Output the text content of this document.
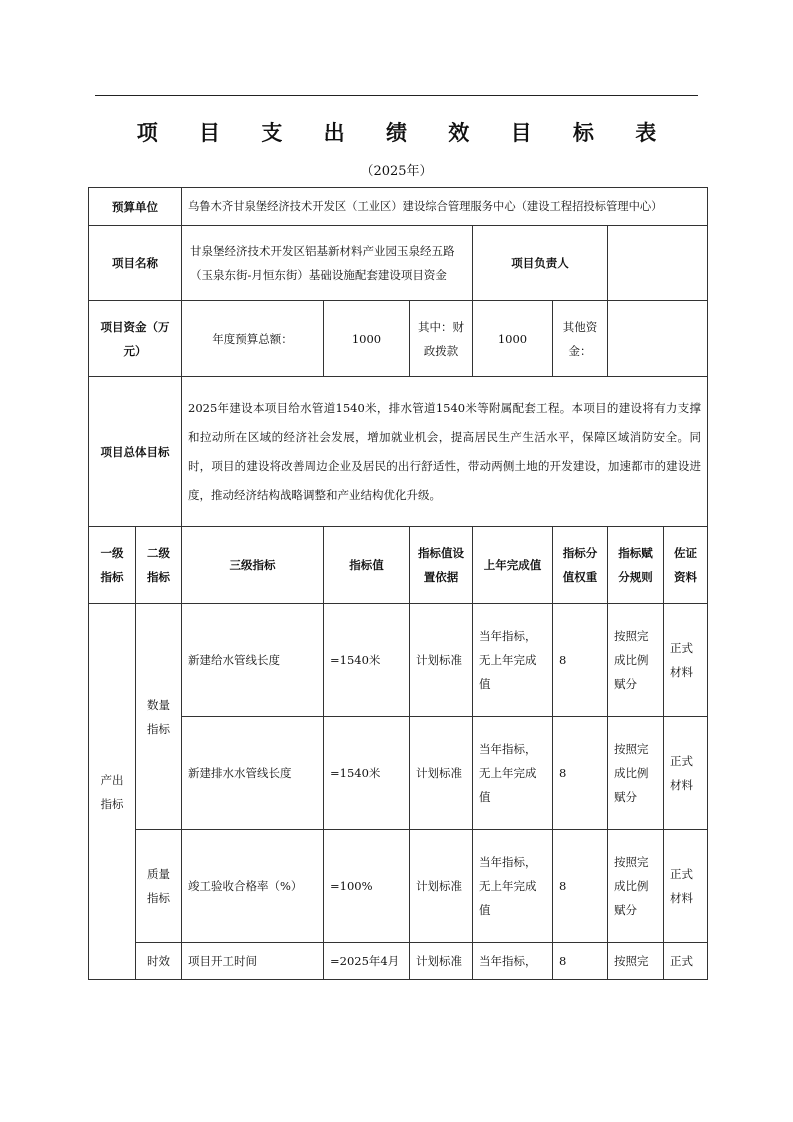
项 目 支 出 绩 效 目 标 表
（2025年）
预算单位		乌鲁木齐甘泉堡经济技术开发区（工业区）建设综合管理服务中心（建设工程招投标管理中心）						
项目名称		甘泉堡经济技术开发区铝基新材料产业园玉泉经五路（玉泉东街-月恒东街）基础设施配套建设项目资金			项目负责人			
项目资金（万元）		年度预算总额：	1000	其中：财政拨款	1000	其他资金：		
项目总体目标		2025年建设本项目给水管道1540米，排水管道1540米等附属配套工程。本项目的建设将有力支撑和拉动所在区域的经济社会发展，增加就业机会，提高居民生产生活水平，保障区域消防安全。同时，项目的建设将改善周边企业及居民的出行舒适性，带动两侧土地的开发建设，加速都市的建设进度，推动经济结构战略调整和产业结构优化升级。						
一级指标	二级指标	三级指标	指标值	指标值设置依据	上年完成值	指标分值权重	指标赋分规则	佐证资料
产出指标	数量指标	新建给水管线长度	=1540米	计划标准	当年指标，无上年完成值	8	按照完成比例赋分	正式材料
		新建排水水管线长度	=1540米	计划标准	当年指标，无上年完成值	8	按照完成比例赋分	正式材料
	质量指标	竣工验收合格率（%）	=100%	计划标准	当年指标，无上年完成值	8	按照完成比例赋分	正式材料
	时效	项目开工时间	=2025年4月	计划标准	当年指标，	8	按照完	正式
